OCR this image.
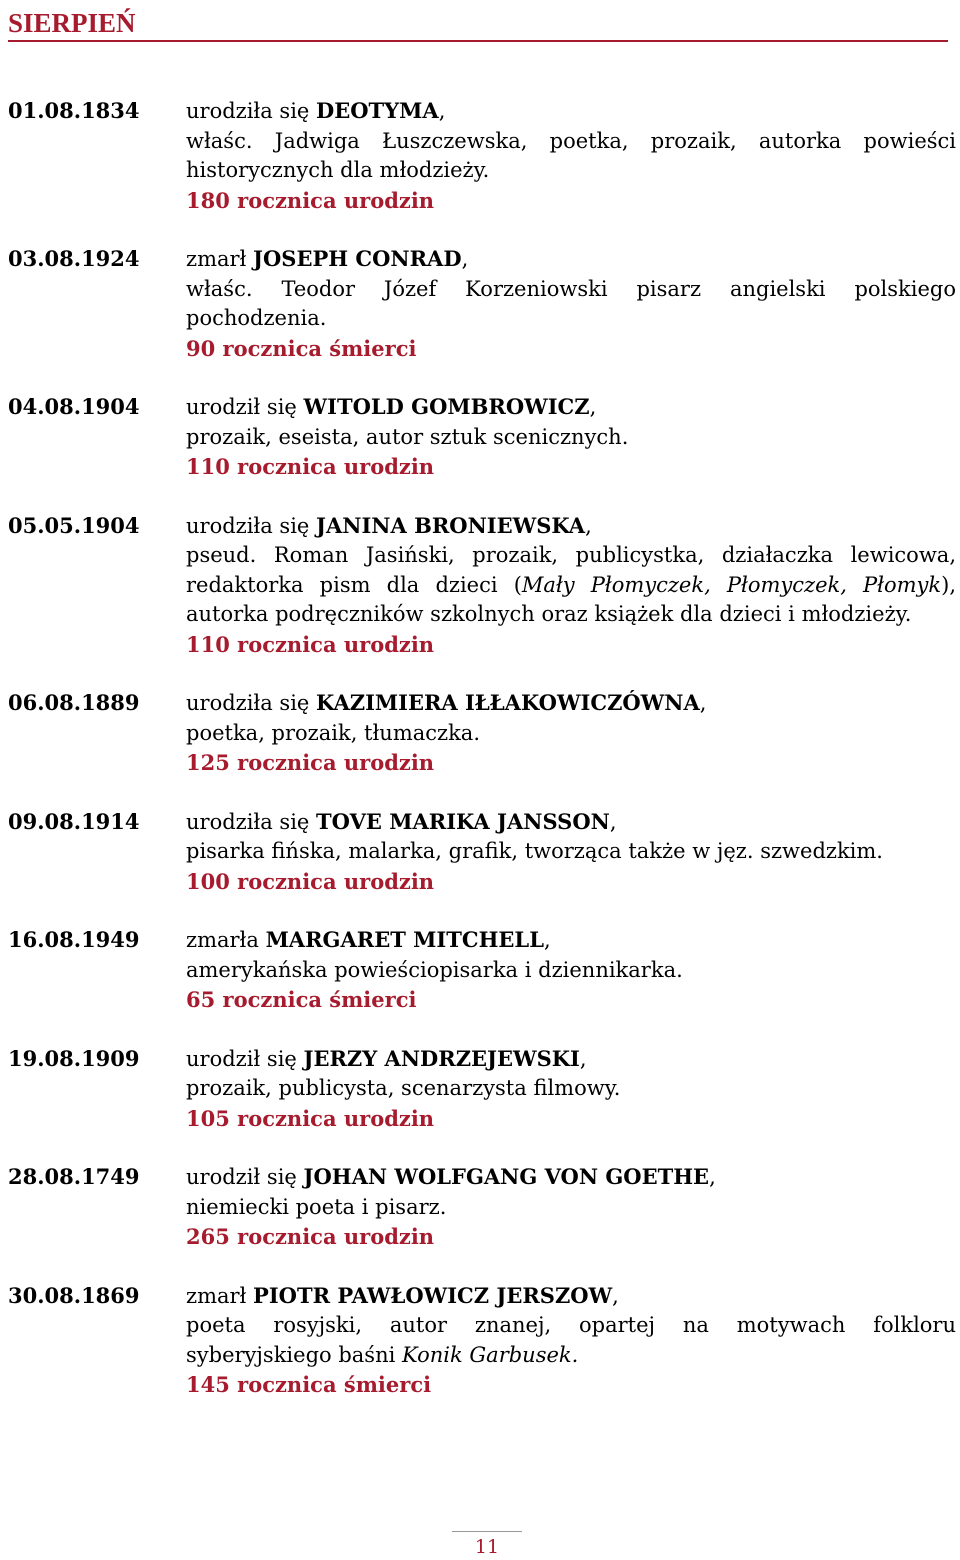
SIERPIEŃ
01.08.1834	urodziła się DEOTYMA,

właśc. Jadwiga Łuszczewska, poetka, prozaik, autorka powieści historycznych dla młodzieży.

180 rocznica urodzin

03.08.1924	zmarł JOSEPH CONRAD,

właśc. Teodor Józef Korzeniowski pisarz angielski polskiego pochodzenia.

90 rocznica śmierci

04.08.1904	urodził się WITOLD GOMBROWICZ,

prozaik, eseista, autor sztuk scenicznych.

110 rocznica urodzin

05.05.1904	urodziła się JANINA BRONIEWSKA,

pseud. Roman Jasiński, prozaik, publicystka, działaczka lewicowa, redaktorka pism dla dzieci (Mały Płomyczek, Płomyczek, Płomyk), autorka podręczników szkolnych oraz książek dla dzieci i młodzieży.

110 rocznica urodzin

06.08.1889	urodziła się KAZIMIERA IŁŁAKOWICZÓWNA,

poetka, prozaik, tłumaczka.

125 rocznica urodzin

09.08.1914	urodziła się TOVE MARIKA JANSSON,

pisarka fińska, malarka, grafik, tworząca także w jęz. szwedzkim.

100 rocznica urodzin

16.08.1949	zmarła MARGARET MITCHELL,

amerykańska powieściopisarka i dziennikarka.

65 rocznica śmierci

19.08.1909	urodził się JERZY ANDRZEJEWSKI,

prozaik, publicysta, scenarzysta filmowy.

105 rocznica urodzin

28.08.1749	urodził się JOHAN WOLFGANG VON GOETHE,

niemiecki poeta i pisarz.

265 rocznica urodzin

30.08.1869	zmarł PIOTR PAWŁOWICZ JERSZOW,

poeta rosyjski, autor znanej, opartej na motywach folkloru syberyjskiego baśni Konik Garbusek.

145 rocznica śmierci

11
